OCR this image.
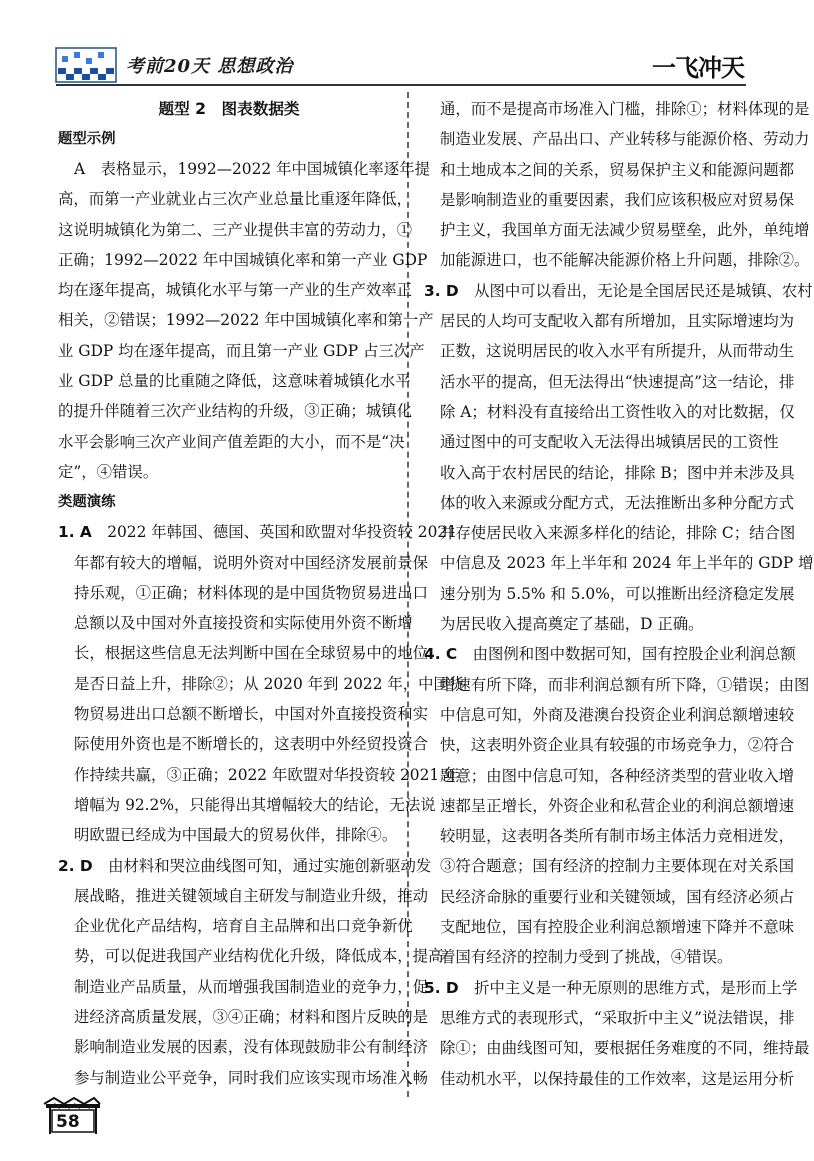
考前20天 思想政治	一飞冲天
题型 2　图表数据类
题型示例
A　表格显示，1992—2022 年中国城镇化率逐年提
高，而第一产业就业占三次产业总量比重逐年降低，
这说明城镇化为第二、三产业提供丰富的劳动力，①
正确；1992—2022 年中国城镇化率和第一产业 GDP
均在逐年提高，城镇化水平与第一产业的生产效率正
相关，②错误；1992—2022 年中国城镇化率和第一产
业 GDP 均在逐年提高，而且第一产业 GDP 占三次产
业 GDP 总量的比重随之降低，这意味着城镇化水平
的提升伴随着三次产业结构的升级，③正确；城镇化
水平会影响三次产业间产值差距的大小，而不是“决
定”，④错误。
类题演练
1. A　2022 年韩国、德国、英国和欧盟对华投资较 2021
年都有较大的增幅，说明外资对中国经济发展前景保
持乐观，①正确；材料体现的是中国货物贸易进出口
总额以及中国对外直接投资和实际使用外资不断增
长，根据这些信息无法判断中国在全球贸易中的地位
是否日益上升，排除②；从 2020 年到 2022 年，中国货
物贸易进出口总额不断增长，中国对外直接投资和实
际使用外资也是不断增长的，这表明中外经贸投资合
作持续共赢，③正确；2022 年欧盟对华投资较 2021 年
增幅为 92.2%，只能得出其增幅较大的结论，无法说
明欧盟已经成为中国最大的贸易伙伴，排除④。
2. D　由材料和哭泣曲线图可知，通过实施创新驱动发
展战略，推进关键领域自主研发与制造业升级，推动
企业优化产品结构，培育自主品牌和出口竞争新优
势，可以促进我国产业结构优化升级，降低成本，提高
制造业产品质量，从而增强我国制造业的竞争力，促
进经济高质量发展，③④正确；材料和图片反映的是
影响制造业发展的因素，没有体现鼓励非公有制经济
参与制造业公平竞争，同时我们应该实现市场准入畅
通，而不是提高市场准入门槛，排除①；材料体现的是
制造业发展、产品出口、产业转移与能源价格、劳动力
和土地成本之间的关系，贸易保护主义和能源问题都
是影响制造业的重要因素，我们应该积极应对贸易保
护主义，我国单方面无法减少贸易壁垒，此外，单纯增
加能源进口，也不能解决能源价格上升问题，排除②。
3. D　从图中可以看出，无论是全国居民还是城镇、农村
居民的人均可支配收入都有所增加，且实际增速均为
正数，这说明居民的收入水平有所提升，从而带动生
活水平的提高，但无法得出“快速提高”这一结论，排
除 A；材料没有直接给出工资性收入的对比数据，仅
通过图中的可支配收入无法得出城镇居民的工资性
收入高于农村居民的结论，排除 B；图中并未涉及具
体的收入来源或分配方式，无法推断出多种分配方式
并存使居民收入来源多样化的结论，排除 C；结合图
中信息及 2023 年上半年和 2024 年上半年的 GDP 增
速分别为 5.5% 和 5.0%，可以推断出经济稳定发展
为居民收入提高奠定了基础，D 正确。
4. C　由图例和图中数据可知，国有控股企业利润总额
增速有所下降，而非利润总额有所下降，①错误；由图
中信息可知，外商及港澳台投资企业利润总额增速较
快，这表明外资企业具有较强的市场竞争力，②符合
题意；由图中信息可知，各种经济类型的营业收入增
速都呈正增长，外资企业和私营企业的利润总额增速
较明显，这表明各类所有制市场主体活力竞相迸发，
③符合题意；国有经济的控制力主要体现在对关系国
民经济命脉的重要行业和关键领域，国有经济必须占
支配地位，国有控股企业利润总额增速下降并不意味
着国有经济的控制力受到了挑战，④错误。
5. D　折中主义是一种无原则的思维方式，是形而上学
思维方式的表现形式，“采取折中主义”说法错误，排
除①；由曲线图可知，要根据任务难度的不同，维持最
佳动机水平，以保持最佳的工作效率，这是运用分析
58
